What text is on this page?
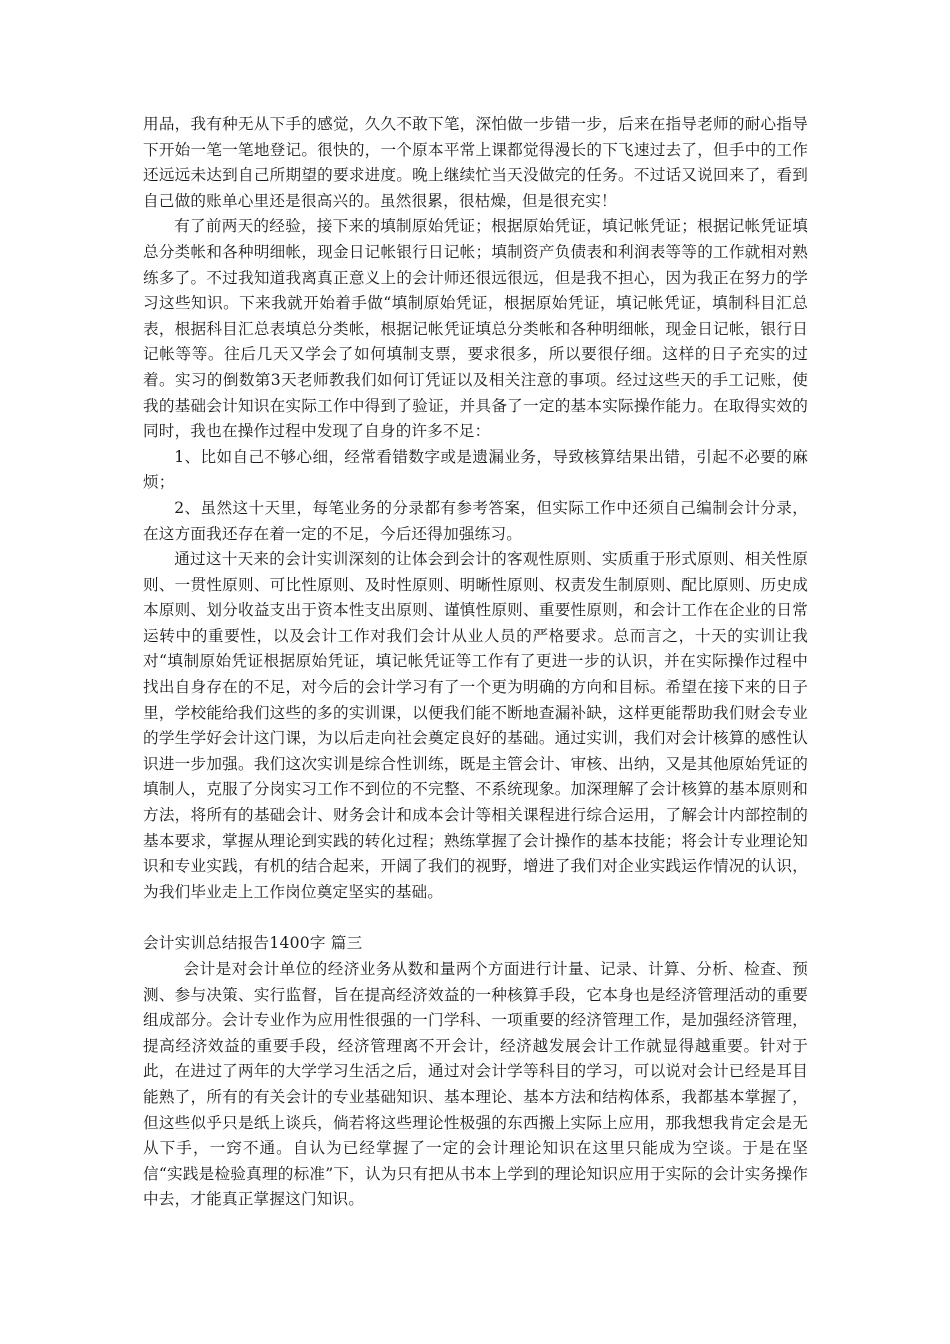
用品，我有种无从下手的感觉，久久不敢下笔，深怕做一步错一步，后来在指导老师的耐心指导下开始一笔一笔地登记。很快的，一个原本平常上课都觉得漫长的下飞速过去了，但手中的工作还远远未达到自己所期望的要求进度。晚上继续忙当天没做完的任务。不过话又说回来了，看到自己做的账单心里还是很高兴的。虽然很累，很枯燥，但是很充实！

有了前两天的经验，接下来的填制原始凭证；根据原始凭证，填记帐凭证；根据记帐凭证填总分类帐和各种明细帐，现金日记帐银行日记帐；填制资产负债表和利润表等等的工作就相对熟练多了。不过我知道我离真正意义上的会计师还很远很远，但是我不担心，因为我正在努力的学习这些知识。下来我就开始着手做“填制原始凭证，根据原始凭证，填记帐凭证，填制科目汇总表，根据科目汇总表填总分类帐，根据记帐凭证填总分类帐和各种明细帐，现金日记帐，银行日记帐等等。往后几天又学会了如何填制支票，要求很多，所以要很仔细。这样的日子充实的过着。实习的倒数第3天老师教我们如何订凭证以及相关注意的事项。经过这些天的手工记账，使我的基础会计知识在实际工作中得到了验证，并具备了一定的基本实际操作能力。在取得实效的同时，我也在操作过程中发现了自身的许多不足：

1、比如自己不够心细，经常看错数字或是遗漏业务，导致核算结果出错，引起不必要的麻烦；

2、虽然这十天里，每笔业务的分录都有参考答案，但实际工作中还须自己编制会计分录，在这方面我还存在着一定的不足，今后还得加强练习。

通过这十天来的会计实训深刻的让体会到会计的客观性原则、实质重于形式原则、相关性原则、一贯性原则、可比性原则、及时性原则、明晰性原则、权责发生制原则、配比原则、历史成本原则、划分收益支出于资本性支出原则、谨慎性原则、重要性原则，和会计工作在企业的日常运转中的重要性，以及会计工作对我们会计从业人员的严格要求。总而言之，十天的实训让我对“填制原始凭证根据原始凭证，填记帐凭证等工作有了更进一步的认识，并在实际操作过程中找出自身存在的不足，对今后的会计学习有了一个更为明确的方向和目标。希望在接下来的日子里，学校能给我们这些的多的实训课，以便我们能不断地查漏补缺，这样更能帮助我们财会专业的学生学好会计这门课，为以后走向社会奠定良好的基础。通过实训，我们对会计核算的感性认识进一步加强。我们这次实训是综合性训练，既是主管会计、审核、出纳，又是其他原始凭证的填制人，克服了分岗实习工作不到位的不完整、不系统现象。加深理解了会计核算的基本原则和方法，将所有的基础会计、财务会计和成本会计等相关课程进行综合运用，了解会计内部控制的基本要求，掌握从理论到实践的转化过程；熟练掌握了会计操作的基本技能；将会计专业理论知识和专业实践，有机的结合起来，开阔了我们的视野，增进了我们对企业实践运作情况的认识，为我们毕业走上工作岗位奠定坚实的基础。

会计实训总结报告1400字 篇三

会计是对会计单位的经济业务从数和量两个方面进行计量、记录、计算、分析、检查、预测、参与决策、实行监督，旨在提高经济效益的一种核算手段，它本身也是经济管理活动的重要组成部分。会计专业作为应用性很强的一门学科、一项重要的经济管理工作，是加强经济管理，提高经济效益的重要手段，经济管理离不开会计，经济越发展会计工作就显得越重要。针对于此，在进过了两年的大学学习生活之后，通过对会计学等科目的学习，可以说对会计已经是耳目能熟了，所有的有关会计的专业基础知识、基本理论、基本方法和结构体系，我都基本掌握了，但这些似乎只是纸上谈兵，倘若将这些理论性极强的东西搬上实际上应用，那我想我肯定会是无从下手，一窍不通。自认为已经掌握了一定的会计理论知识在这里只能成为空谈。于是在坚信“实践是检验真理的标准”下，认为只有把从书本上学到的理论知识应用于实际的会计实务操作中去，才能真正掌握这门知识。
